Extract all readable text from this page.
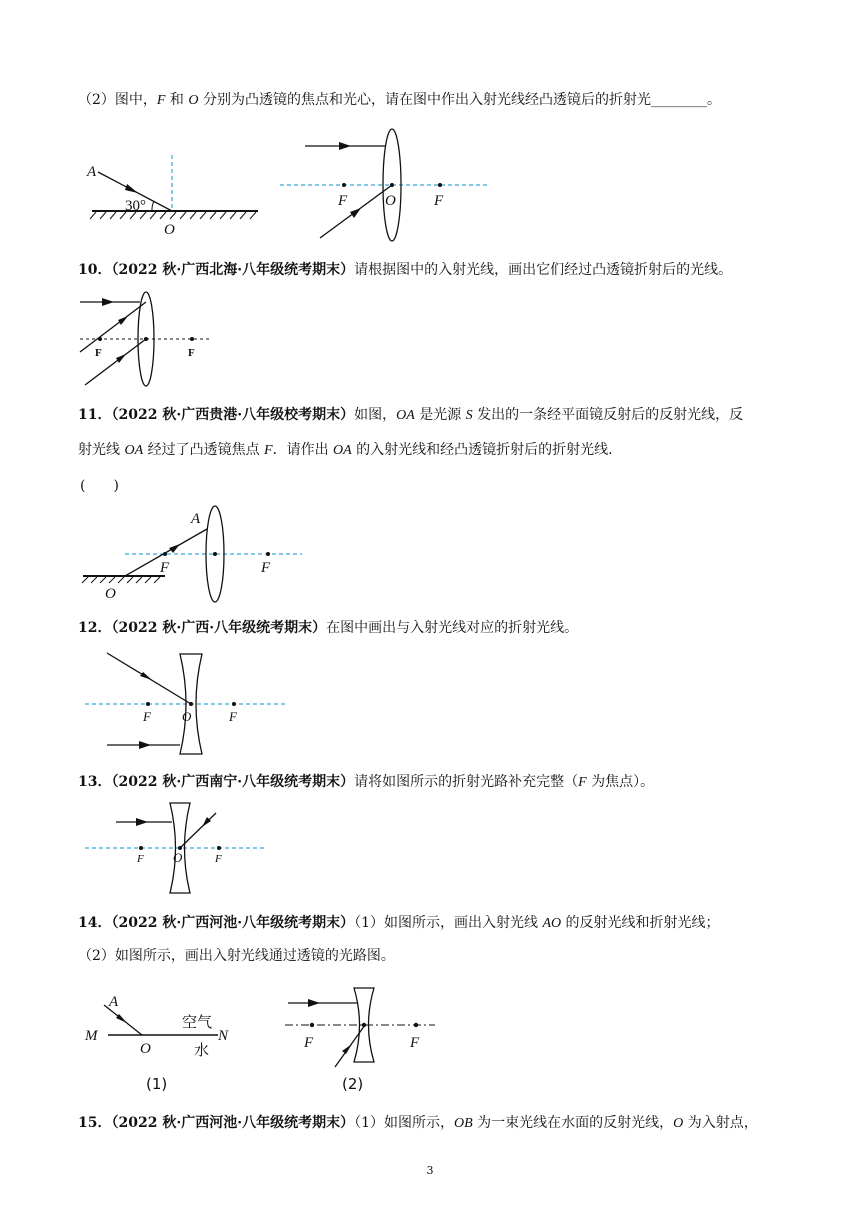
（2）图中，F 和 O 分别为凸透镜的焦点和光心，请在图中作出入射光线经凸透镜后的折射光________。
A
30°
O
F	O	F
10．（2022 秋·广西北海·八年级统考期末）请根据图中的入射光线，画出它们经过凸透镜折射后的光线。
F	F
11．（2022 秋·广西贵港·八年级校考期末）如图，OA 是光源 S 发出的一条经平面镜反射后的反射光线，反
射光线 OA 经过了凸透镜焦点 F．请作出 OA 的入射光线和经凸透镜折射后的折射光线.
(　　)
A
F	F
O
12．（2022 秋·广西·八年级统考期末）在图中画出与入射光线对应的折射光线。
F O	F
13．（2022 秋·广西南宁·八年级统考期末）请将如图所示的折射光路补充完整（F 为焦点）。
F O	F
14．（2022 秋·广西河池·八年级统考期末）（1）如图所示，画出入射光线 AO 的反射光线和折射光线；
（2）如图所示，画出入射光线通过透镜的光路图。
A
M
O
N
空气
水
(1)
F	F
(2)
15．（2022 秋·广西河池·八年级统考期末）（1）如图所示，OB 为一束光线在水面的反射光线，O 为入射点，
3
